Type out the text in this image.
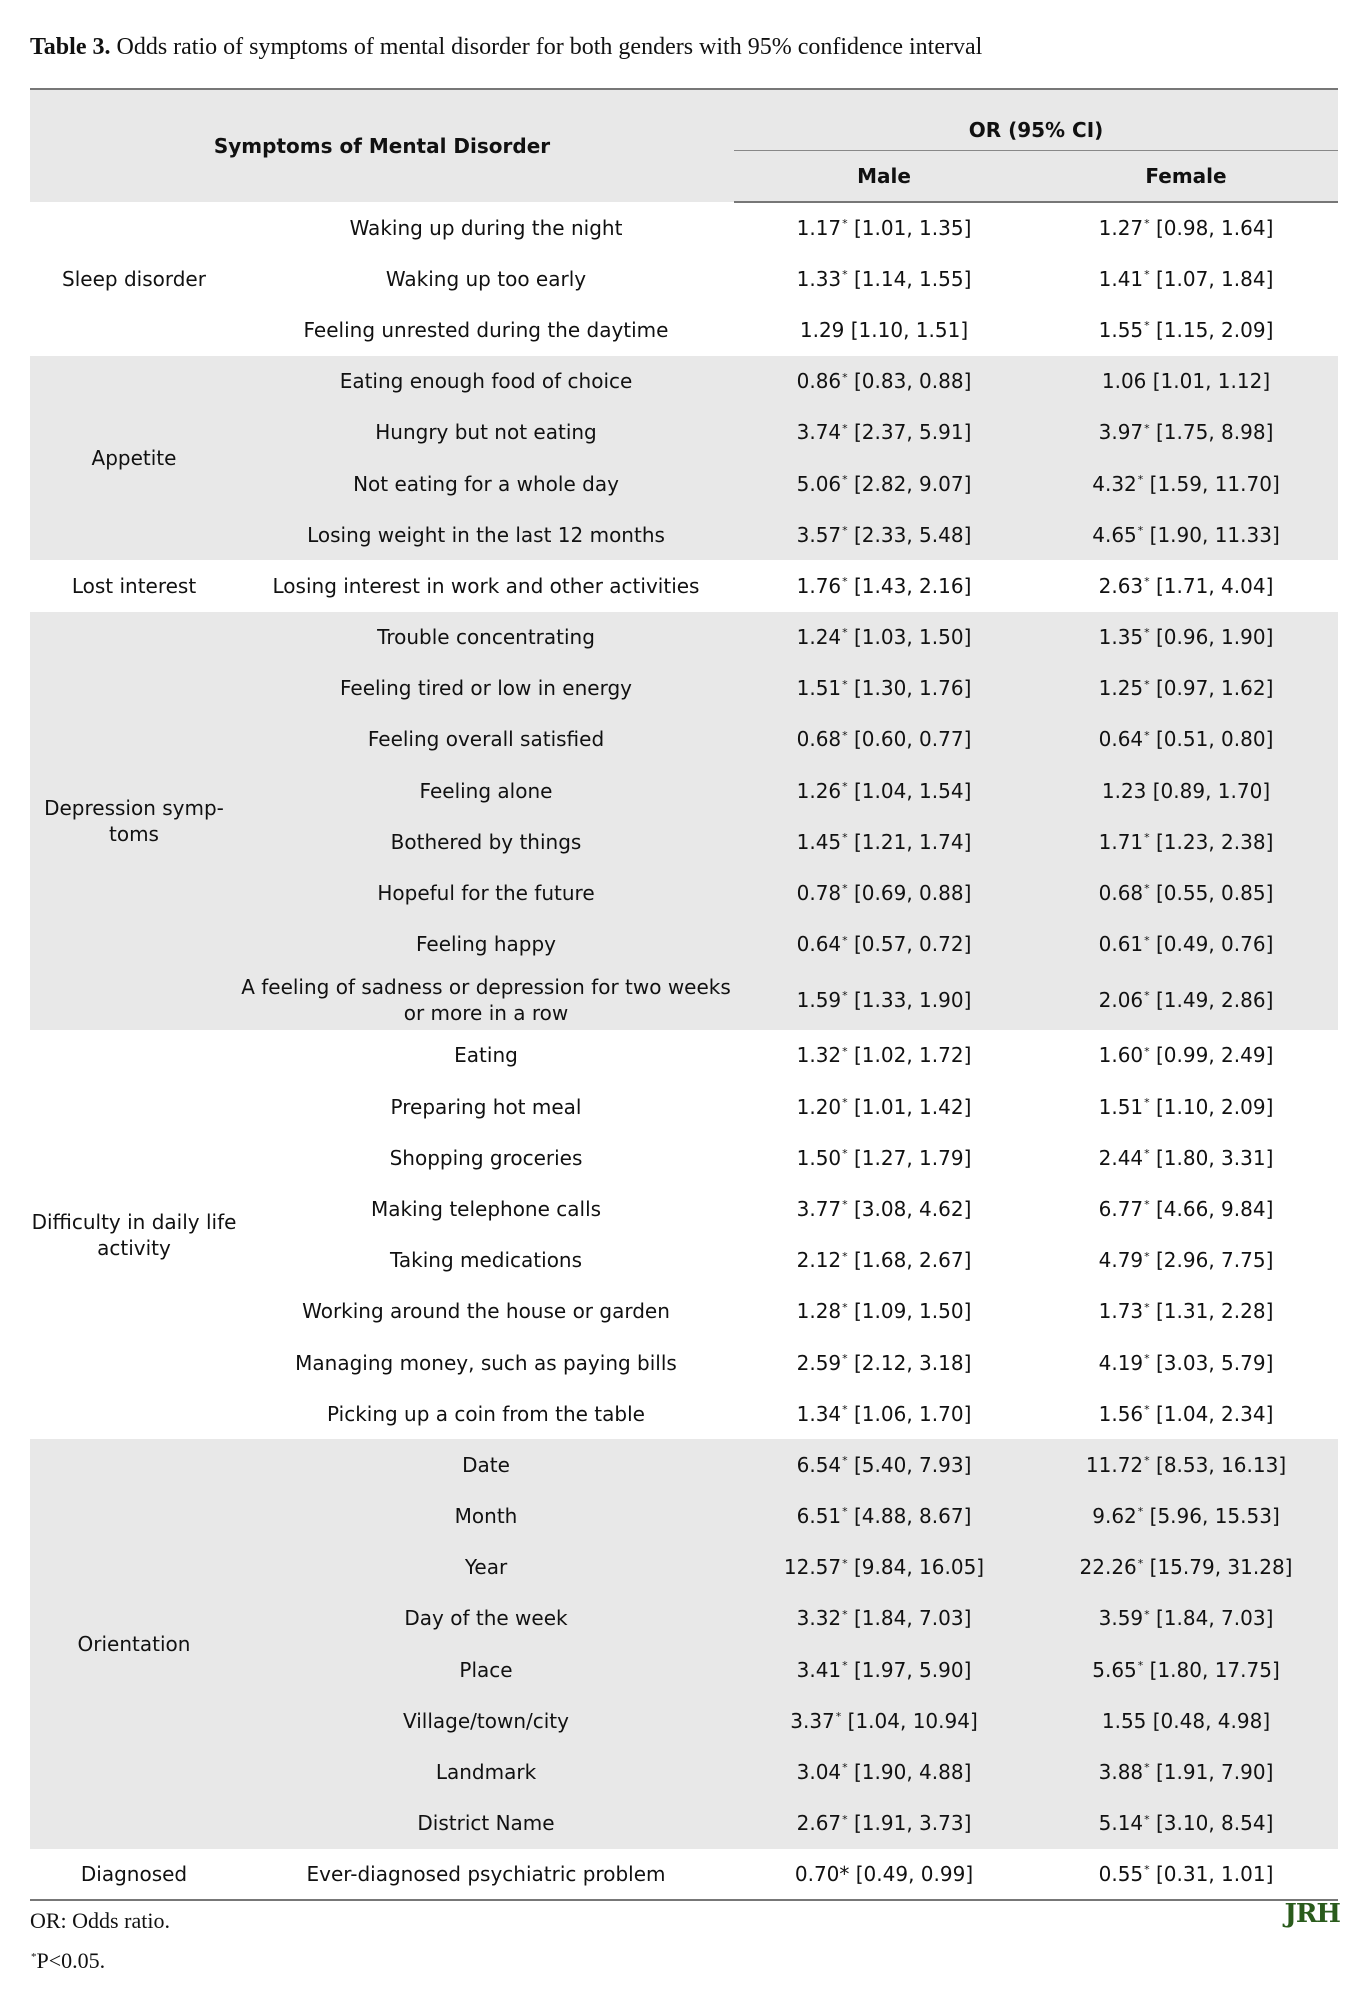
Table 3. Odds ratio of symptoms of mental disorder for both genders with 95% confidence interval
Symptoms of Mental Disorder		OR (95% CI)	
		Male	Female
Sleep disorder	Waking up during the night	1.17* [1.01, 1.35]	1.27* [0.98, 1.64]
	Waking up too early	1.33* [1.14, 1.55]	1.41* [1.07, 1.84]
	Feeling unrested during the daytime	1.29 [1.10, 1.51]	1.55* [1.15, 2.09]
Appetite	Eating enough food of choice	0.86* [0.83, 0.88]	1.06 [1.01, 1.12]
	Hungry but not eating	3.74* [2.37, 5.91]	3.97* [1.75, 8.98]
	Not eating for a whole day	5.06* [2.82, 9.07]	4.32* [1.59, 11.70]
	Losing weight in the last 12 months	3.57* [2.33, 5.48]	4.65* [1.90, 11.33]
Lost interest	Losing interest in work and other activities	1.76* [1.43, 2.16]	2.63* [1.71, 4.04]
Depression symp- toms	Trouble concentrating	1.24* [1.03, 1.50]	1.35* [0.96, 1.90]
	Feeling tired or low in energy	1.51* [1.30, 1.76]	1.25* [0.97, 1.62]
	Feeling overall satisfied	0.68* [0.60, 0.77]	0.64* [0.51, 0.80]
	Feeling alone	1.26* [1.04, 1.54]	1.23 [0.89, 1.70]
	Bothered by things	1.45* [1.21, 1.74]	1.71* [1.23, 2.38]
	Hopeful for the future	0.78* [0.69, 0.88]	0.68* [0.55, 0.85]
	Feeling happy	0.64* [0.57, 0.72]	0.61* [0.49, 0.76]
	A feeling of sadness or depression for two weeks or more in a row	1.59* [1.33, 1.90]	2.06* [1.49, 2.86]
Difficulty in daily life activity	Eating	1.32* [1.02, 1.72]	1.60* [0.99, 2.49]
	Preparing hot meal	1.20* [1.01, 1.42]	1.51* [1.10, 2.09]
	Shopping groceries	1.50* [1.27, 1.79]	2.44* [1.80, 3.31]
	Making telephone calls	3.77* [3.08, 4.62]	6.77* [4.66, 9.84]
	Taking medications	2.12* [1.68, 2.67]	4.79* [2.96, 7.75]
	Working around the house or garden	1.28* [1.09, 1.50]	1.73* [1.31, 2.28]
	Managing money, such as paying bills	2.59* [2.12, 3.18]	4.19* [3.03, 5.79]
	Picking up a coin from the table	1.34* [1.06, 1.70]	1.56* [1.04, 2.34]
Orientation	Date	6.54* [5.40, 7.93]	11.72* [8.53, 16.13]
	Month	6.51* [4.88, 8.67]	9.62* [5.96, 15.53]
	Year	12.57* [9.84, 16.05]	22.26* [15.79, 31.28]
	Day of the week	3.32* [1.84, 7.03]	3.59* [1.84, 7.03]
	Place	3.41* [1.97, 5.90]	5.65* [1.80, 17.75]
	Village/town/city	3.37* [1.04, 10.94]	1.55 [0.48, 4.98]
	Landmark	3.04* [1.90, 4.88]	3.88* [1.91, 7.90]
	District Name	2.67* [1.91, 3.73]	5.14* [3.10, 8.54]
Diagnosed	Ever-diagnosed psychiatric problem	0.70* [0.49, 0.99]	0.55* [0.31, 1.01]
OR: Odds ratio.
*P<0.05.
JRH
